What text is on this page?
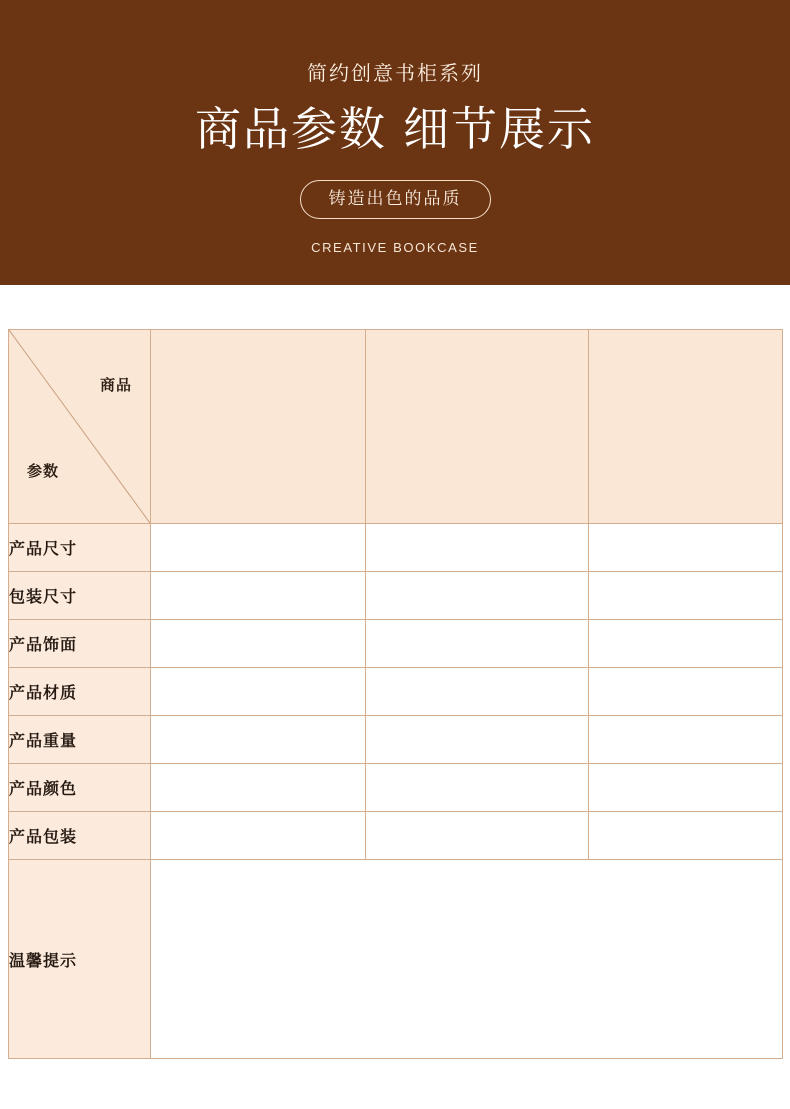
简约创意书柜系列
商品参数 细节展示
铸造出色的品质
CREATIVE BOOKCASE
商品
参数			

产品尺寸			
包装尺寸			
产品饰面			
产品材质			
产品重量			
产品颜色			
产品包装			
温馨提示			
